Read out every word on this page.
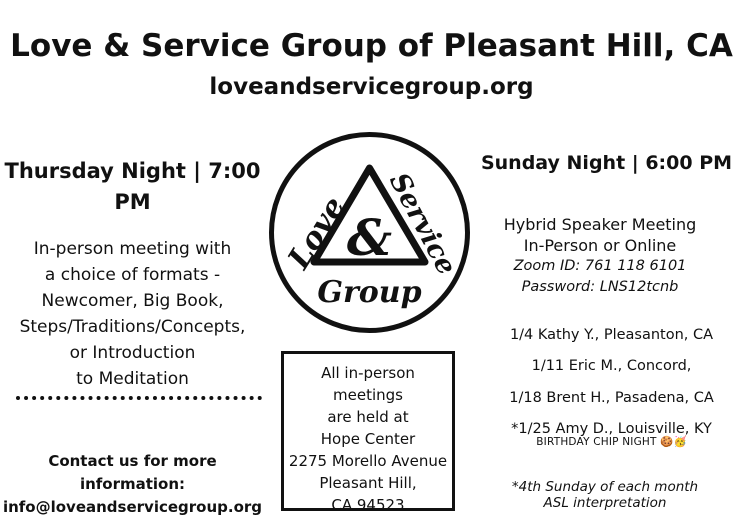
Love & Service Group of Pleasant Hill, CA
loveandservicegroup.org
Thursday Night | 7:00
PM
In-person meeting with
a choice of formats -
Newcomer, Big Book,
Steps/Traditions/Concepts,
or Introduction
to Meditation
Contact us for more
information:
info@loveandservicegroup.org
Love Service
&
Group
All in-person meetings
are held at
Hope Center
2275 Morello Avenue
Pleasant Hill,
CA 94523
Sunday Night | 6:00 PM
Hybrid Speaker Meeting
In-Person or Online
Zoom ID: 761 118 6101
Password: LNS12tcnb
1/4 Kathy Y., Pleasanton, CA
1/11 Eric M., Concord,
1/18 Brent H., Pasadena, CA
*1/25 Amy D., Louisville, KY
BIRTHDAY CHIP NIGHT 🍪🥳
*4th Sunday of each month
ASL interpretation
